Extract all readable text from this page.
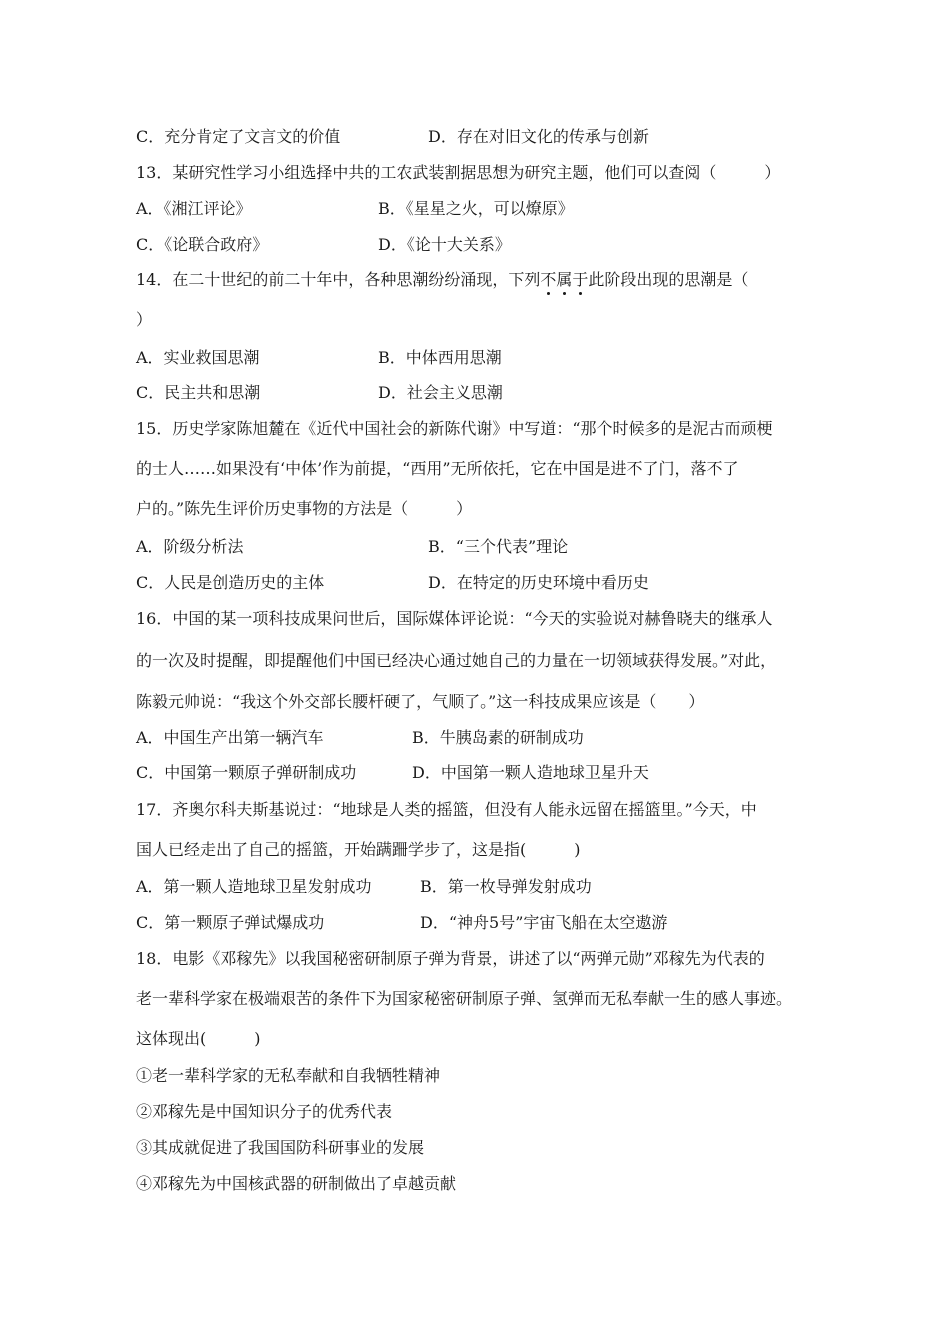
C．充分肯定了文言文的价值	D．存在对旧文化的传承与创新
13．某研究性学习小组选择中共的工农武装割据思想为研究主题，他们可以查阅（　　　）
A．《湘江评论》	B．《星星之火，可以燎原》
C．《论联合政府》	D．《论十大关系》
14．在二十世纪的前二十年中，各种思潮纷纷涌现，下列不属于此阶段出现的思潮是（
）
A．实业救国思潮	B．中体西用思潮
C．民主共和思潮	D．社会主义思潮
15．历史学家陈旭麓在《近代中国社会的新陈代谢》中写道：“那个时候多的是泥古而顽梗
的士人……如果没有‘中体’作为前提，“西用”无所依托，它在中国是进不了门，落不了
户的。”陈先生评价历史事物的方法是（　　　）
A．阶级分析法	B．“三个代表”理论
C．人民是创造历史的主体	D．在特定的历史环境中看历史
16．中国的某一项科技成果问世后，国际媒体评论说：“今天的实验说对赫鲁晓夫的继承人
的一次及时提醒，即提醒他们中国已经决心通过她自己的力量在一切领域获得发展。”对此，
陈毅元帅说：“我这个外交部长腰杆硬了，气顺了。”这一科技成果应该是（　　）
A．中国生产出第一辆汽车	B．牛胰岛素的研制成功
C．中国第一颗原子弹研制成功	D．中国第一颗人造地球卫星升天
17．齐奥尔科夫斯基说过：“地球是人类的摇篮，但没有人能永远留在摇篮里。”今天，中
国人已经走出了自己的摇篮，开始蹒跚学步了，这是指(　　　)
A．第一颗人造地球卫星发射成功	B．第一枚导弹发射成功
C．第一颗原子弹试爆成功	D．“神舟5号”宇宙飞船在太空遨游
18．电影《邓稼先》以我国秘密研制原子弹为背景，讲述了以“两弹元勋”邓稼先为代表的
老一辈科学家在极端艰苦的条件下为国家秘密研制原子弹、氢弹而无私奉献一生的感人事迹。
这体现出(　　　)
①老一辈科学家的无私奉献和自我牺牲精神
②邓稼先是中国知识分子的优秀代表
③其成就促进了我国国防科研事业的发展
④邓稼先为中国核武器的研制做出了卓越贡献
